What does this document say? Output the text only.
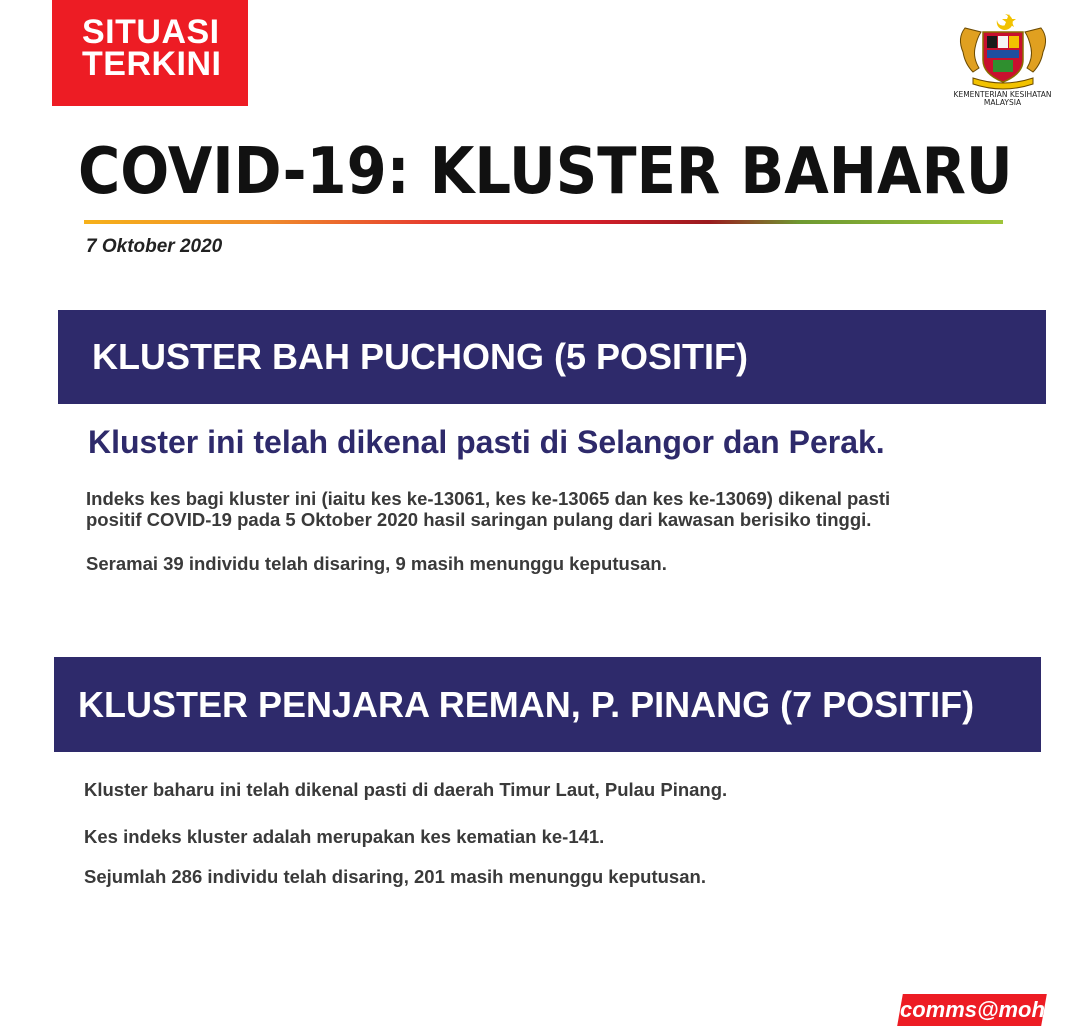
SITUASI
TERKINI
KEMENTERIAN KESIHATAN
MALAYSIA
COVID-19: KLUSTER BAHARU
7 Oktober 2020
KLUSTER BAH PUCHONG (5 POSITIF)
Kluster ini telah dikenal pasti di Selangor dan Perak.
Indeks kes bagi kluster ini (iaitu kes ke-13061, kes ke-13065 dan kes ke-13069) dikenal pasti
positif COVID-19 pada 5 Oktober 2020 hasil saringan pulang dari kawasan berisiko tinggi.
Seramai 39 individu telah disaring, 9 masih menunggu keputusan.
KLUSTER PENJARA REMAN, P. PINANG (7 POSITIF)
Kluster baharu ini telah dikenal pasti di daerah Timur Laut, Pulau Pinang.
Kes indeks kluster adalah merupakan kes kematian ke-141.
Sejumlah 286 individu telah disaring, 201 masih menunggu keputusan.
comms@moh
